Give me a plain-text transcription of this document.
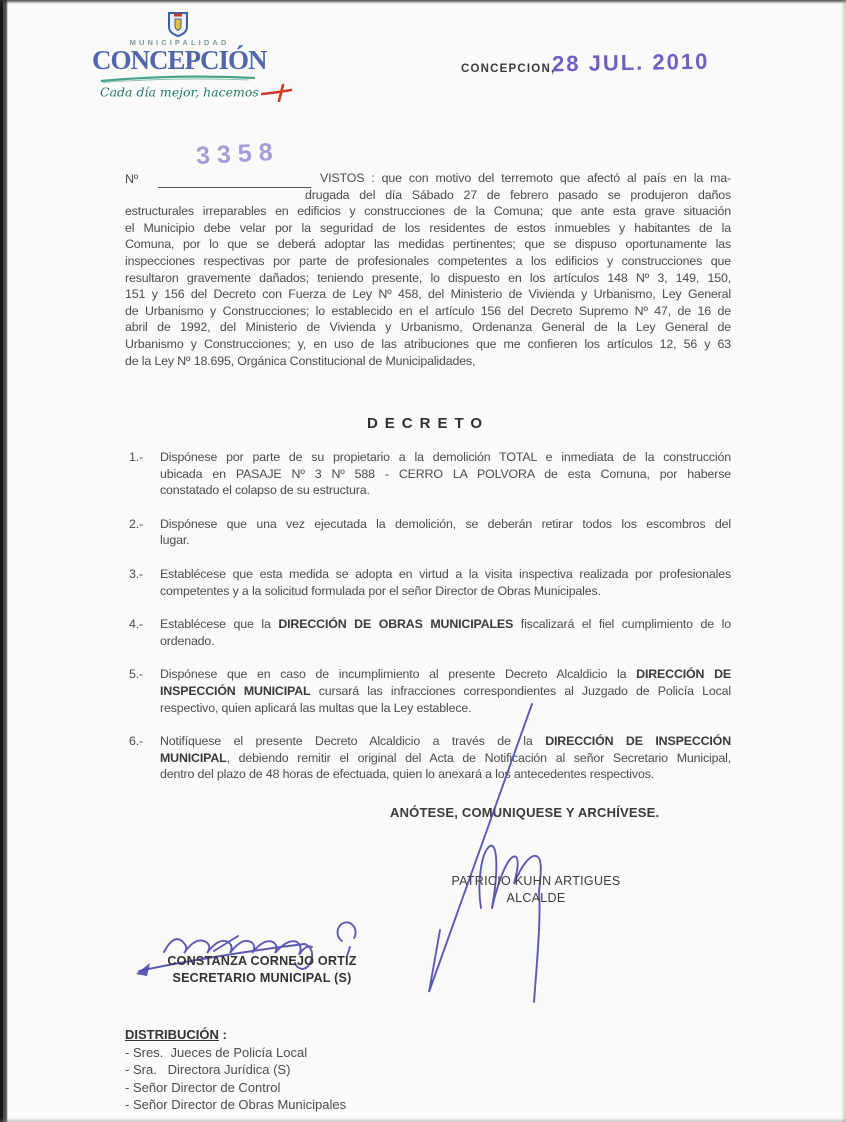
MUNICIPALIDAD
CONCEPCIÓN
Cada día mejor, hacemos
CONCEPCION,
28 JUL. 2010
Nº
3358
VISTOS : que con motivo del terremoto que afectó al país en la ma-
drugada del día Sábado 27 de febrero pasado se produjeron daños
estructurales irreparables en edificios y construcciones de la Comuna; que ante esta grave situación
el Municipio debe velar por la seguridad de los residentes de estos inmuebles y habitantes de la
Comuna, por lo que se deberá adoptar las medidas pertinentes; que se dispuso oportunamente las
inspecciones respectivas por parte de profesionales competentes a los edificios y construcciones que
resultaron gravemente dañados; teniendo presente, lo dispuesto en los artículos 148 Nº 3, 149, 150,
151 y 156 del Decreto con Fuerza de Ley Nº 458, del Ministerio de Vivienda y Urbanismo, Ley General
de Urbanismo y Construcciones; lo establecido en el artículo 156 del Decreto Supremo Nº 47, de 16 de
abril de 1992, del Ministerio de Vivienda y Urbanismo, Ordenanza General de la Ley General de
Urbanismo y Construcciones; y, en uso de las atribuciones que me confieren los artículos 12, 56 y 63
de la Ley Nº 18.695, Orgánica Constitucional de Municipalidades,
DECRETO
1.- Dispónese por parte de su propietario a la demolición TOTAL e inmediata de la construcción
ubicada en PASAJE Nº 3 Nº 588 - CERRO LA POLVORA de esta Comuna, por haberse
constatado el colapso de su estructura.
2.- Dispónese que una vez ejecutada la demolición, se deberán retirar todos los escombros del
lugar.
3.- Establécese que esta medida se adopta en virtud a la visita inspectiva realizada por profesionales
competentes y a la solicitud formulada por el señor Director de Obras Municipales.
4.- Establécese que la DIRECCIÓN DE OBRAS MUNICIPALES fiscalizará el fiel cumplimiento de lo
ordenado.
5.- Dispónese que en caso de incumplimiento al presente Decreto Alcaldicio la DIRECCIÓN DE
INSPECCIÓN MUNICIPAL cursará las infracciones correspondientes al Juzgado de Policía Local
respectivo, quien aplicará las multas que la Ley establece.
6.- Notifíquese el presente Decreto Alcaldicio a través de la DIRECCIÓN DE INSPECCIÓN
MUNICIPAL, debiendo remitir el original del Acta de Notificación al señor Secretario Municipal,
dentro del plazo de 48 horas de efectuada, quien lo anexará a los antecedentes respectivos.
ANÓTESE, COMUNIQUESE Y ARCHÍVESE.
PATRICIO KUHN ARTIGUES
ALCALDE
CONSTANZA CORNEJO ORTIZ
SECRETARIO MUNICIPAL (S)
DISTRIBUCIÓN :
- Sres.  Jueces de Policía Local
- Sra.   Directora Jurídica (S)
- Señor Director de Control
- Señor Director de Obras Municipales
